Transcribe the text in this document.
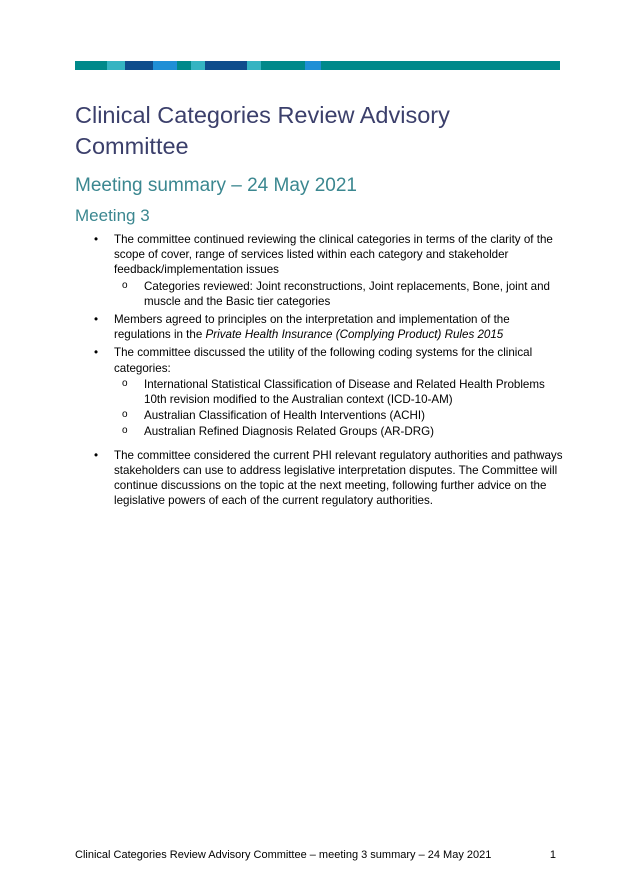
Clinical Categories Review Advisory Committee
Meeting summary – 24 May 2021
Meeting 3
• The committee continued reviewing the clinical categories in terms of the clarity of the scope of cover, range of services listed within each category and stakeholder feedback/implementation issues
o Categories reviewed: Joint reconstructions, Joint replacements, Bone, joint and muscle and the Basic tier categories
• Members agreed to principles on the interpretation and implementation of the regulations in the Private Health Insurance (Complying Product) Rules 2015
• The committee discussed the utility of the following coding systems for the clinical categories:
o International Statistical Classification of Disease and Related Health Problems 10th revision modified to the Australian context (ICD-10-AM)
o Australian Classification of Health Interventions (ACHI)
o Australian Refined Diagnosis Related Groups (AR-DRG)
• The committee considered the current PHI relevant regulatory authorities and pathways stakeholders can use to address legislative interpretation disputes. The Committee will continue discussions on the topic at the next meeting, following further advice on the legislative powers of each of the current regulatory authorities.
Clinical Categories Review Advisory Committee – meeting 3 summary – 24 May 2021	1
